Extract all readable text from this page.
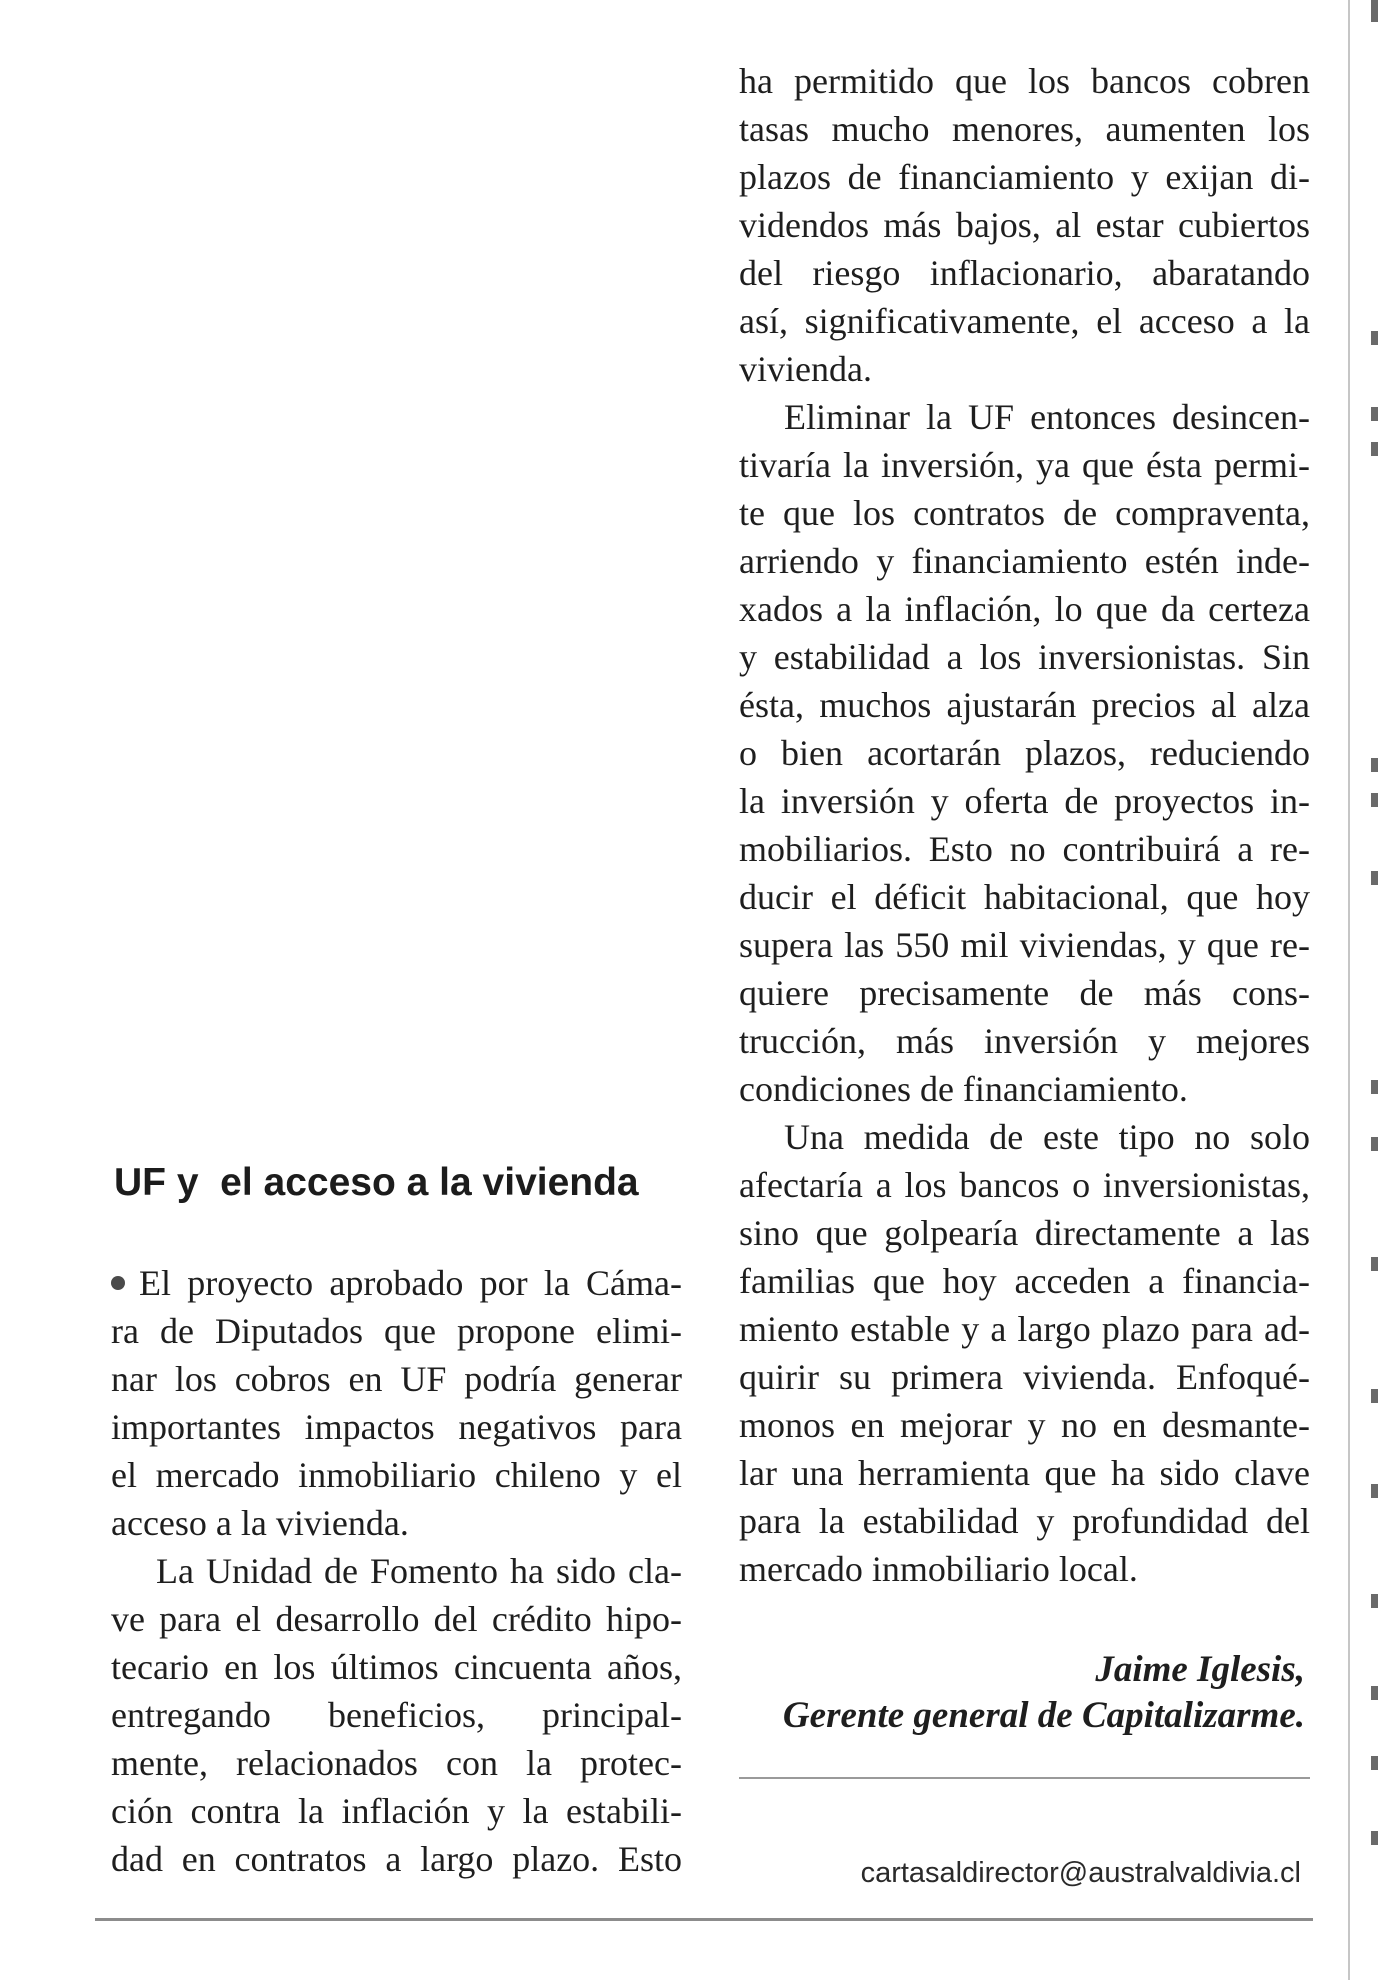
UF y  el acceso a la vivienda
El proyecto aprobado por la Cáma-
ra de Diputados que propone elimi-
nar los cobros en UF podría generar
importantes impactos negativos para
el mercado inmobiliario chileno y el
acceso a la vivienda.
La Unidad de Fomento ha sido cla-
ve para el desarrollo del crédito hipo-
tecario en los últimos cincuenta años,
entregando beneficios, principal-
mente, relacionados con la protec-
ción contra la inflación y la estabili-
dad en contratos a largo plazo. Esto
ha permitido que los bancos cobren
tasas mucho menores, aumenten los
plazos de financiamiento y exijan di-
videndos más bajos, al estar cubiertos
del riesgo inflacionario, abaratando
así, significativamente, el acceso a la
vivienda.
Eliminar la UF entonces desincen-
tivaría la inversión, ya que ésta permi-
te que los contratos de compraventa,
arriendo y financiamiento estén inde-
xados a la inflación, lo que da certeza
y estabilidad a los inversionistas. Sin
ésta, muchos ajustarán precios al alza
o bien acortarán plazos, reduciendo
la inversión y oferta de proyectos in-
mobiliarios. Esto no contribuirá a re-
ducir el déficit habitacional, que hoy
supera las 550 mil viviendas, y que re-
quiere precisamente de más cons-
trucción, más inversión y mejores
condiciones de financiamiento.
Una medida de este tipo no solo
afectaría a los bancos o inversionistas,
sino que golpearía directamente a las
familias que hoy acceden a financia-
miento estable y a largo plazo para ad-
quirir su primera vivienda. Enfoqué-
monos en mejorar y no en desmante-
lar una herramienta que ha sido clave
para la estabilidad y profundidad del
mercado inmobiliario local.
Jaime Iglesis,
Gerente general de Capitalizarme.
cartasaldirector@australvaldivia.cl
